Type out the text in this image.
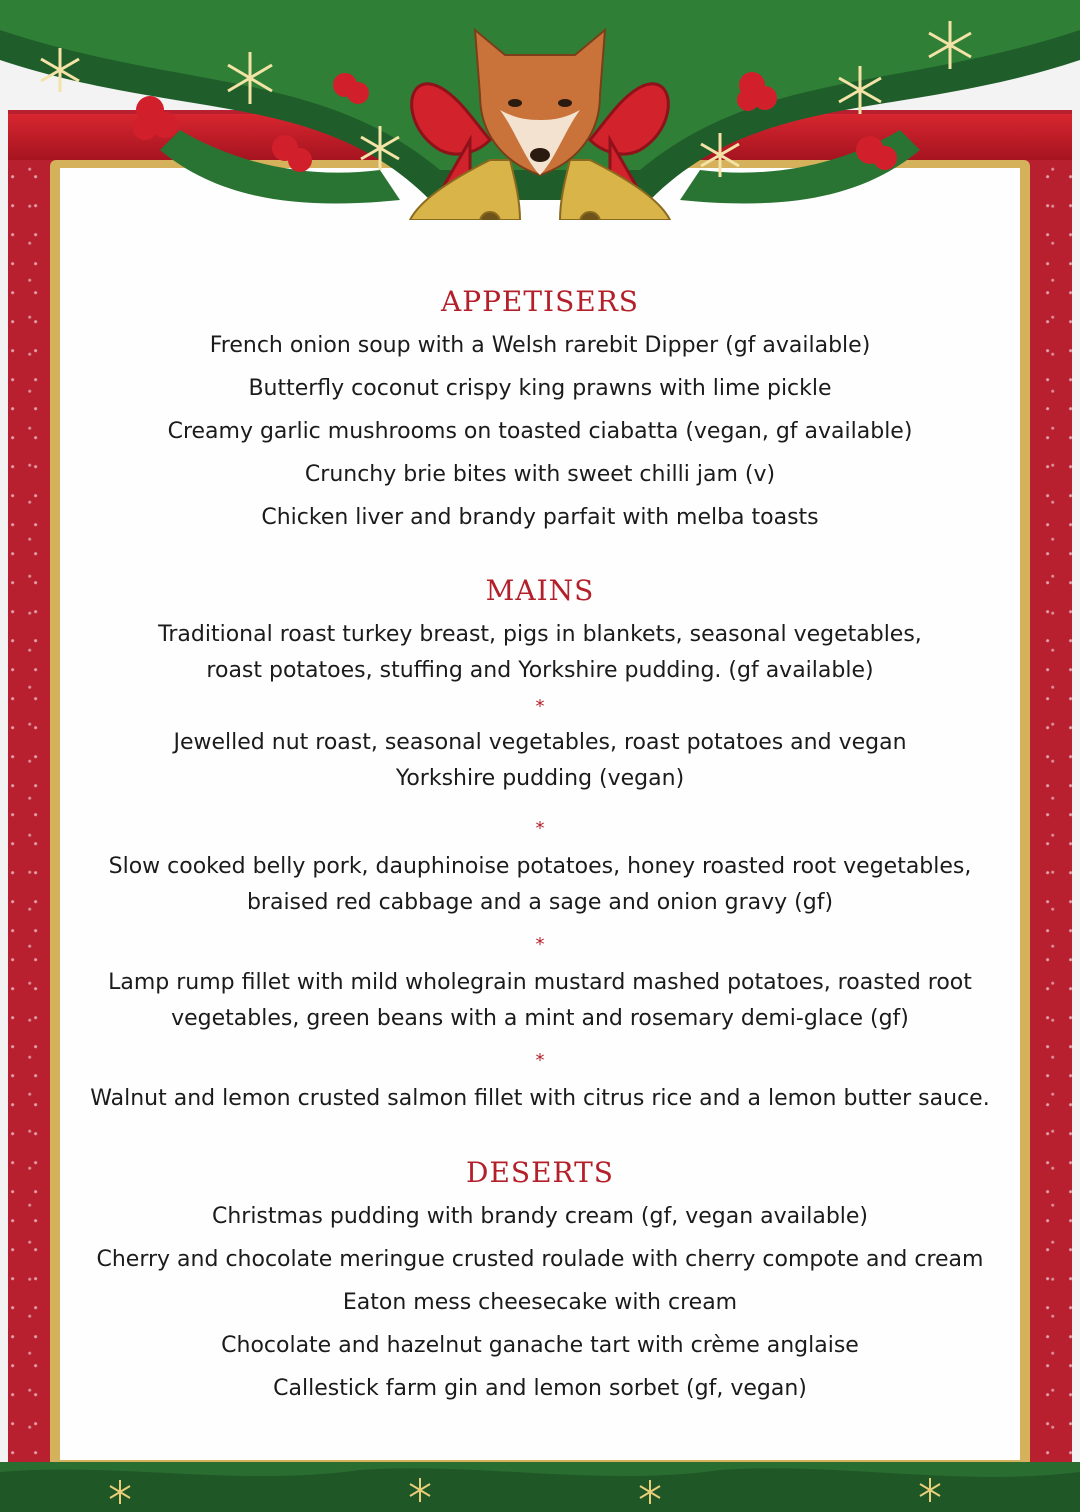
APPETISERS

French onion soup with a Welsh rarebit Dipper (gf available)

Butterfly coconut crispy king prawns with lime pickle

Creamy garlic mushrooms on toasted ciabatta (vegan, gf available)

Crunchy brie bites with sweet chilli jam (v)

Chicken liver and brandy parfait with melba toasts

MAINS
Traditional roast turkey breast, pigs in blankets, seasonal vegetables,
roast potatoes, stuffing and Yorkshire pudding. (gf available)
*
Jewelled nut roast, seasonal vegetables, roast potatoes and vegan
Yorkshire pudding (vegan)
*
Slow cooked belly pork, dauphinoise potatoes, honey roasted root vegetables,
braised red cabbage and a sage and onion gravy (gf)
*
Lamp rump fillet with mild wholegrain mustard mashed potatoes, roasted root
vegetables, green beans with a mint and rosemary demi-glace (gf)
*
Walnut and lemon crusted salmon fillet with citrus rice and a lemon butter sauce.
DESERTS

Christmas pudding with brandy cream (gf, vegan available)

Cherry and chocolate meringue crusted roulade with cherry compote and cream

Eaton mess cheesecake with cream

Chocolate and hazelnut ganache tart with crème anglaise

Callestick farm gin and lemon sorbet (gf, vegan)
